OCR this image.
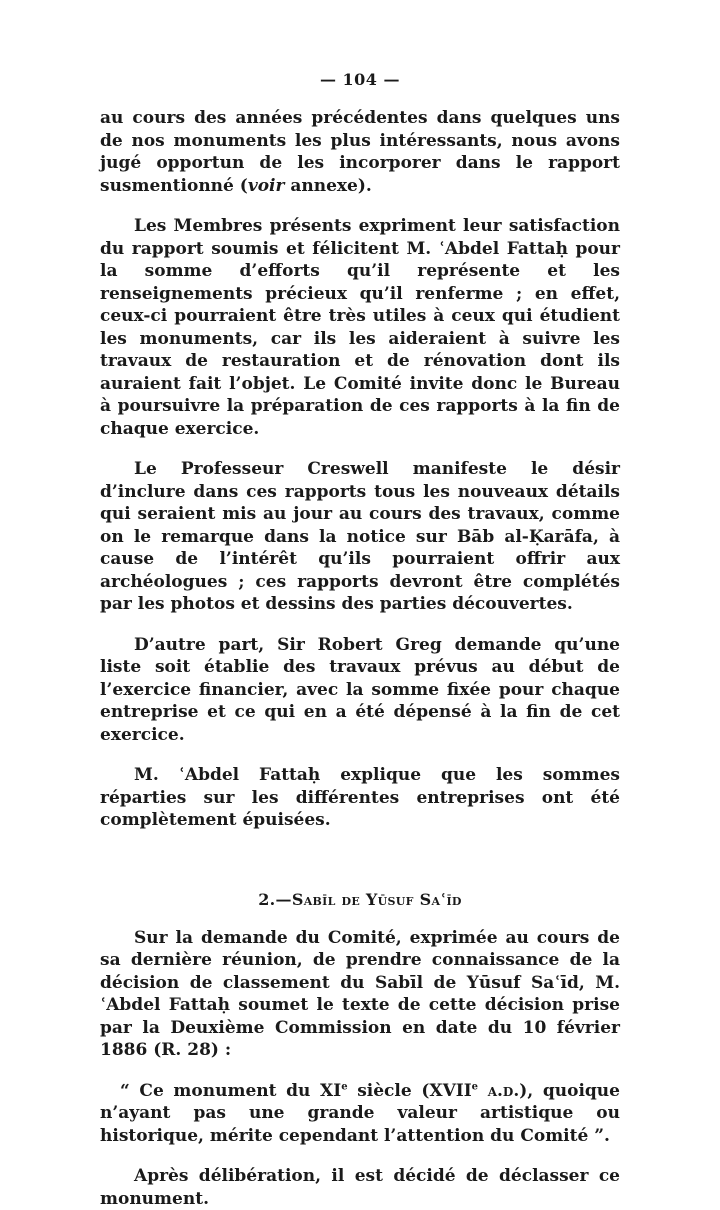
— 104 —

au cours des années précédentes dans quelques uns de nos monuments les plus intéressants, nous avons jugé opportun de les incorporer dans le rapport susmentionné (voir annexe).

Les Membres présents expriment leur satisfaction du rapport soumis et félicitent M. ʿAbdel Fattaḥ pour la somme d’efforts qu’il représente et les renseignements précieux qu’il renferme ; en effet, ceux-ci pourraient être très utiles à ceux qui étudient les monuments, car ils les aideraient à suivre les travaux de restauration et de rénovation dont ils auraient fait l’objet. Le Comité invite donc le Bureau à poursuivre la préparation de ces rapports à la fin de chaque exercice.

Le Professeur Creswell manifeste le désir d’inclure dans ces rapports tous les nouveaux détails qui seraient mis au jour au cours des travaux, comme on le remarque dans la notice sur Bāb al-Ḳarāfa, à cause de l’intérêt qu’ils pourraient offrir aux archéologues ; ces rapports devront être complétés par les photos et dessins des parties découvertes.

D’autre part, Sir Robert Greg demande qu’une liste soit établie des travaux prévus au début de l’exercice financier, avec la somme fixée pour chaque entreprise et ce qui en a été dépensé à la fin de cet exercice.

M. ʿAbdel Fattaḥ explique que les sommes réparties sur les différentes entreprises ont été complètement épuisées.

2.—Sabīl de Yūsuf Saʿīd

Sur la demande du Comité, exprimée au cours de sa dernière réunion, de prendre connaissance de la décision de classement du Sabīl de Yūsuf Saʿīd, M. ʿAbdel Fattaḥ soumet le texte de cette décision prise par la Deuxième Commission en date du 10 février 1886 (R. 28) :

“ Ce monument du XIe siècle (XVIIe a.d.), quoique n’ayant pas une grande valeur artistique ou historique, mérite cependant l’attention du Comité ”.

Après délibération, il est décidé de déclasser ce monument.
